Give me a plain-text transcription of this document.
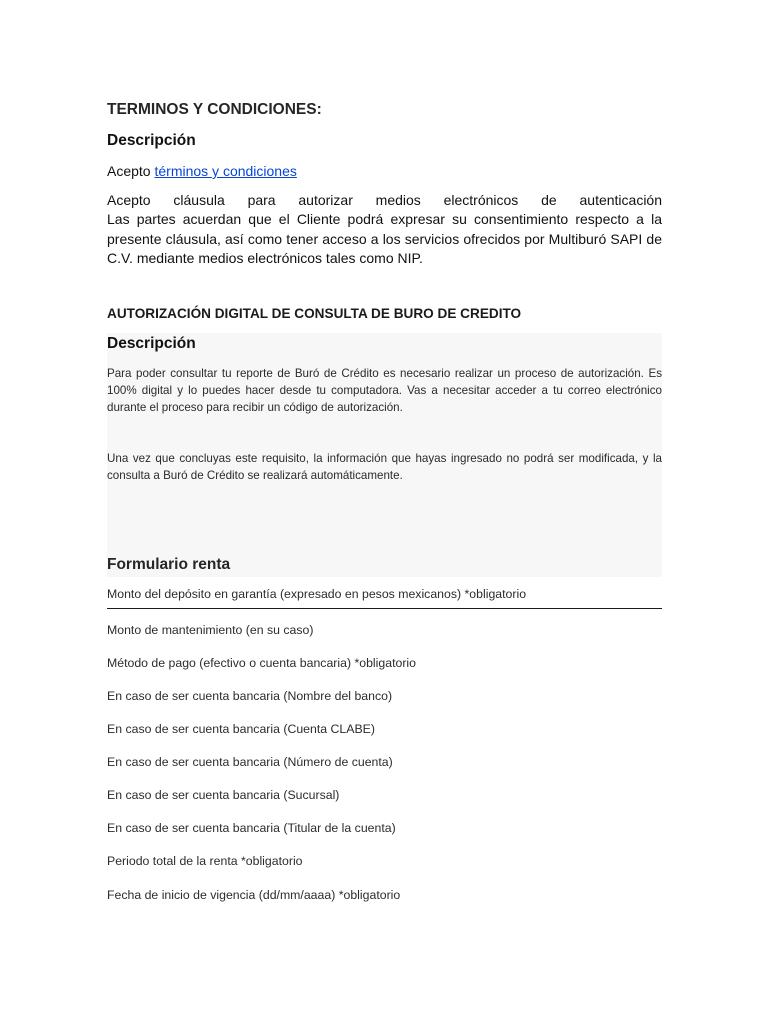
TERMINOS Y CONDICIONES:
Descripción

Acepto términos y condiciones

Acepto cláusula para autorizar medios electrónicos de autenticación
Las partes acuerdan que el Cliente podrá expresar su consentimiento respecto a la presente cláusula, así como tener acceso a los servicios ofrecidos por Multiburó SAPI de C.V. mediante medios electrónicos tales como NIP.

AUTORIZACIÓN DIGITAL DE CONSULTA DE BURO DE CREDITO
Descripción

Para poder consultar tu reporte de Buró de Crédito es necesario realizar un proceso de autorización. Es 100% digital y lo puedes hacer desde tu computadora. Vas a necesitar acceder a tu correo electrónico durante el proceso para recibir un código de autorización.

Una vez que concluyas este requisito, la información que hayas ingresado no podrá ser modificada, y la consulta a Buró de Crédito se realizará automáticamente.

Formulario renta
Monto del depósito en garantía (expresado en pesos mexicanos) *obligatorio
Monto de mantenimiento (en su caso)
Método de pago (efectivo o cuenta bancaria) *obligatorio
En caso de ser cuenta bancaria (Nombre del banco)
En caso de ser cuenta bancaria (Cuenta CLABE)
En caso de ser cuenta bancaria (Número de cuenta)
En caso de ser cuenta bancaria (Sucursal)
En caso de ser cuenta bancaria (Titular de la cuenta)
Periodo total de la renta *obligatorio
Fecha de inicio de vigencia (dd/mm/aaaa) *obligatorio
